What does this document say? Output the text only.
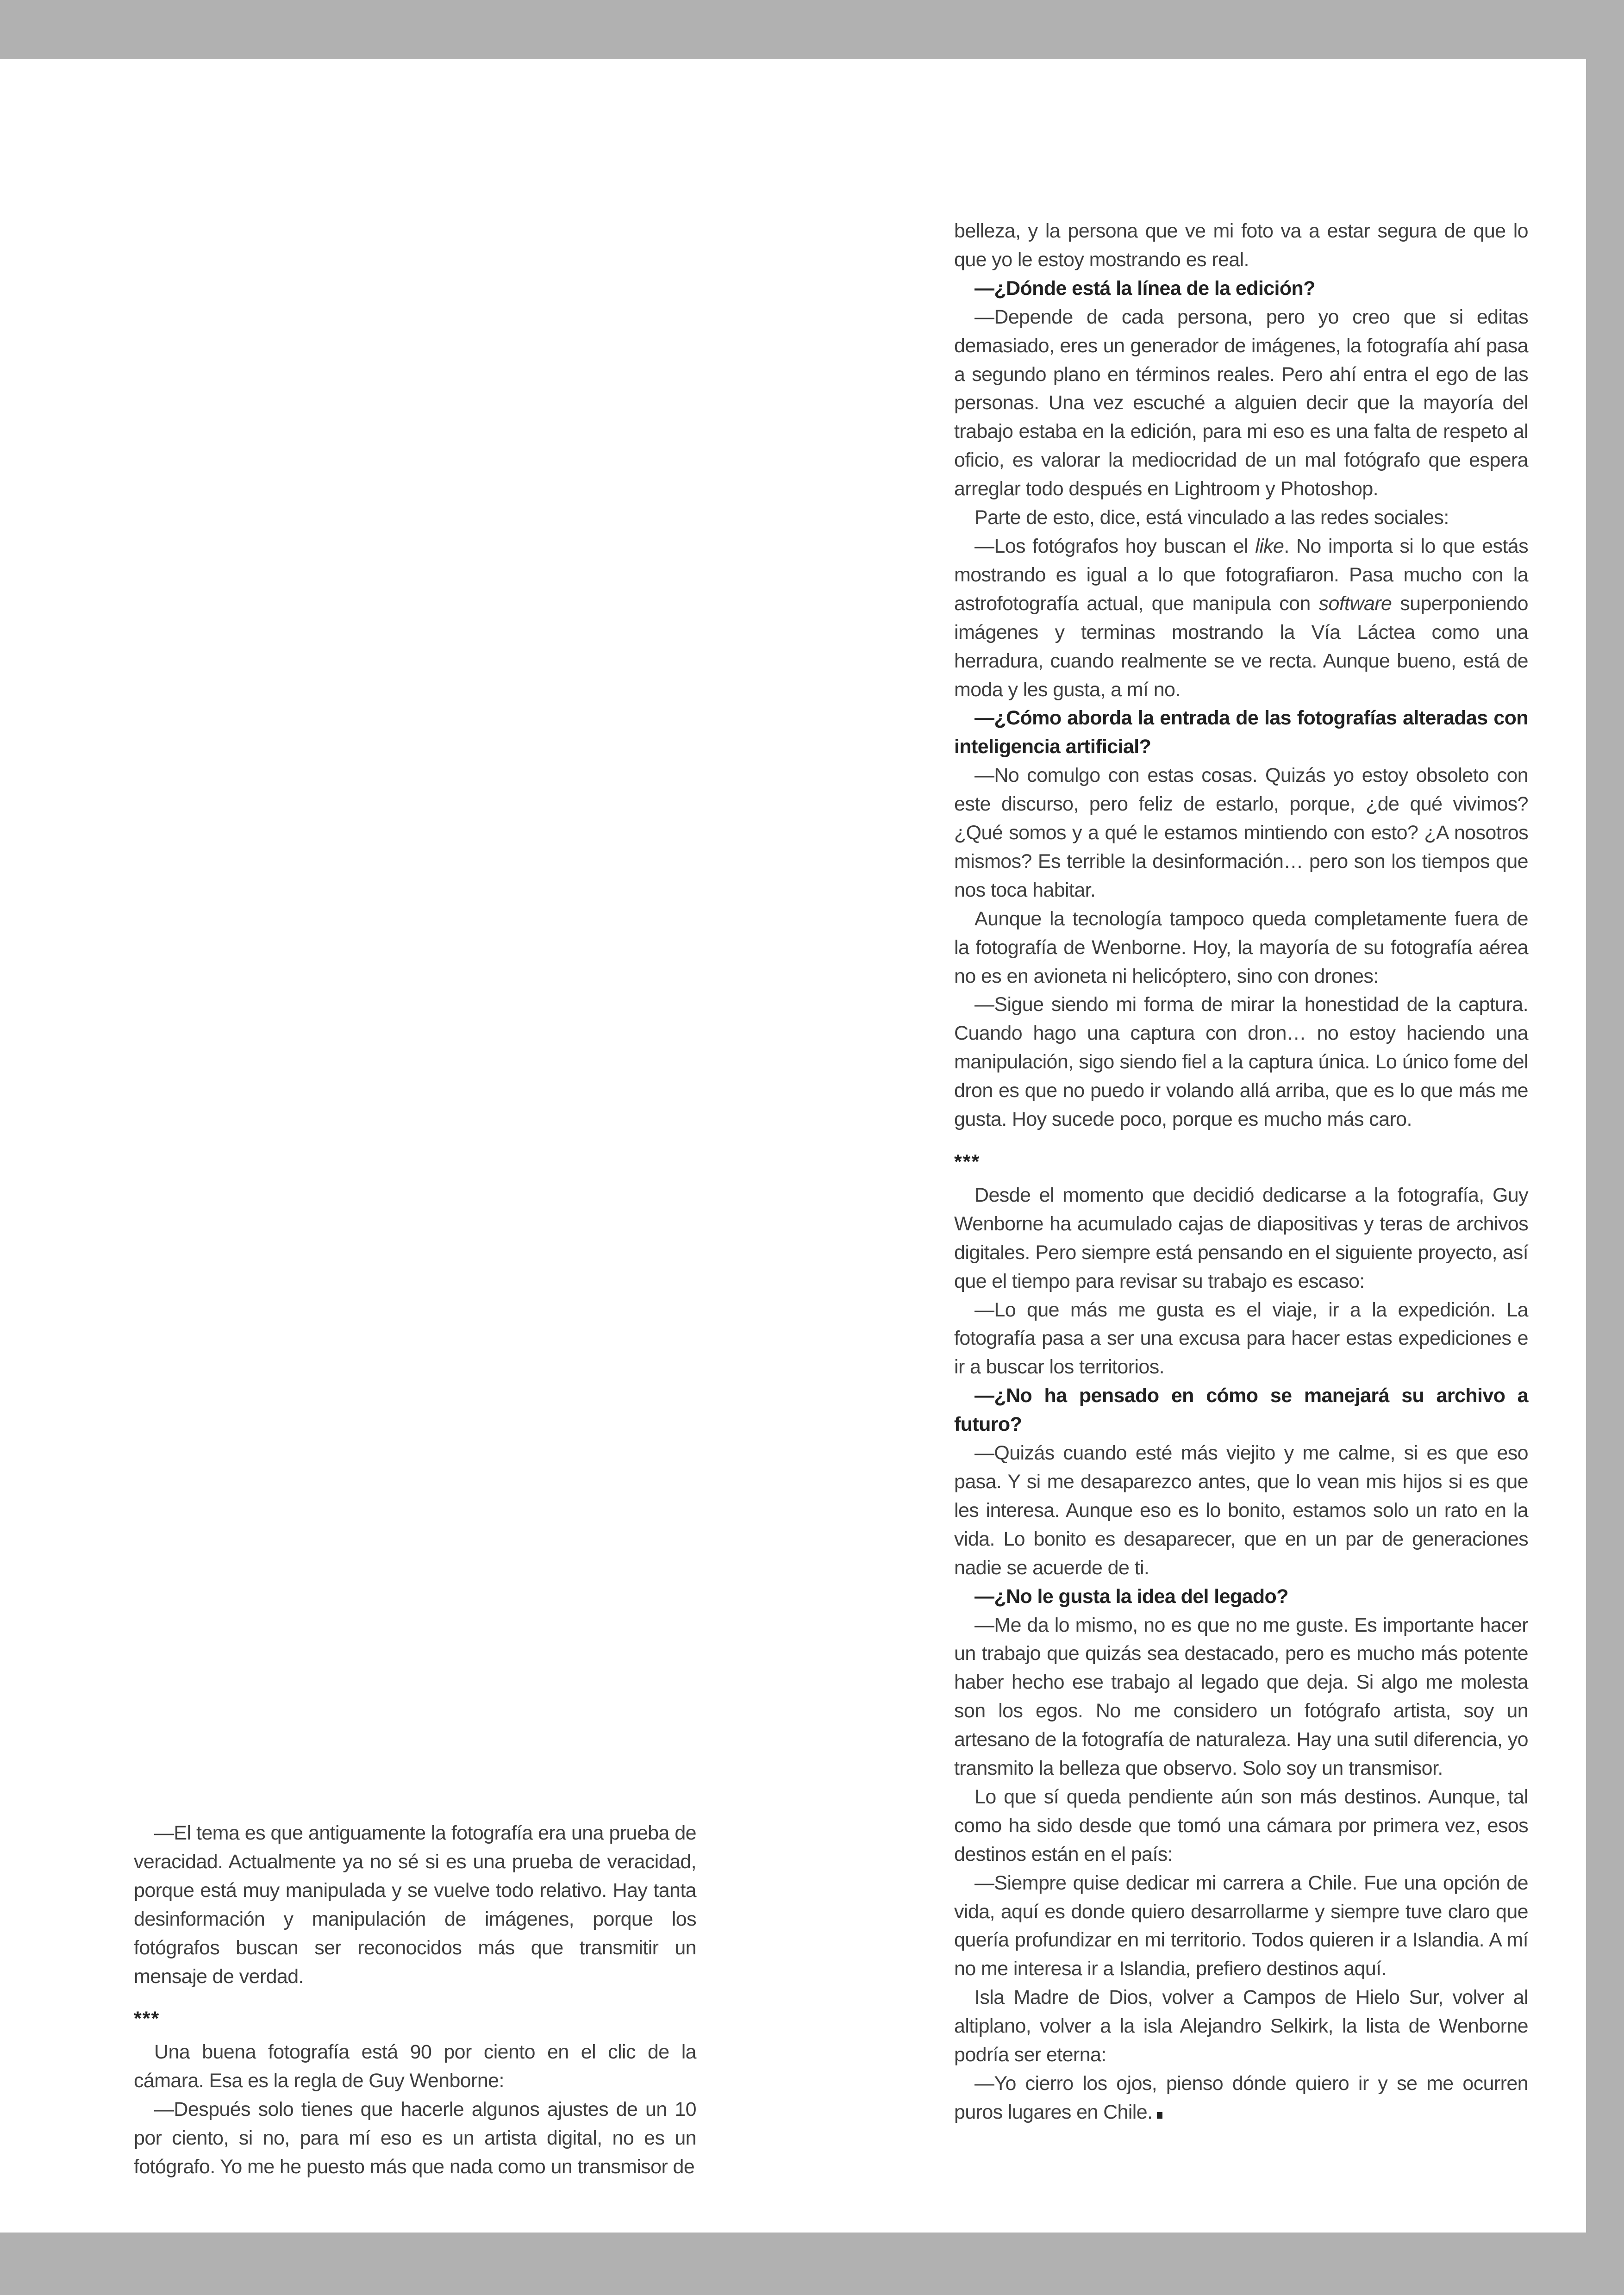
—El tema es que antiguamente la fotografía era una prueba de veracidad. Actualmente ya no sé si es una prueba de veracidad, porque está muy manipulada y se vuelve todo relativo. Hay tanta desinformación y manipulación de imágenes, porque los fotógrafos buscan ser reconocidos más que transmitir un mensaje de verdad.

***

Una buena fotografía está 90 por ciento en el clic de la cámara. Esa es la regla de Guy Wenborne:

—Después solo tienes que hacerle algunos ajustes de un 10 por ciento, si no, para mí eso es un artista digital, no es un fotógrafo. Yo me he puesto más que nada como un transmisor de

belleza, y la persona que ve mi foto va a estar segura de que lo que yo le estoy mostrando es real.

—¿Dónde está la línea de la edición?

—Depende de cada persona, pero yo creo que si editas demasiado, eres un generador de imágenes, la fotografía ahí pasa a segundo plano en términos reales. Pero ahí entra el ego de las personas. Una vez escuché a alguien decir que la mayoría del trabajo estaba en la edición, para mi eso es una falta de respeto al oficio, es valorar la mediocridad de un mal fotógrafo que espera arreglar todo después en Lightroom y Photoshop.

Parte de esto, dice, está vinculado a las redes sociales:

—Los fotógrafos hoy buscan el like. No importa si lo que estás mostrando es igual a lo que fotografiaron. Pasa mucho con la astrofotografía actual, que manipula con software superponiendo imágenes y terminas mostrando la Vía Láctea como una herradura, cuando realmente se ve recta. Aunque bueno, está de moda y les gusta, a mí no.

—¿Cómo aborda la entrada de las fotografías alteradas con inteligencia artificial?

—No comulgo con estas cosas. Quizás yo estoy obsoleto con este discurso, pero feliz de estarlo, porque, ¿de qué vivimos? ¿Qué somos y a qué le estamos mintiendo con esto? ¿A nosotros mismos? Es terrible la desinformación… pero son los tiempos que nos toca habitar.

Aunque la tecnología tampoco queda completamente fuera de la fotografía de Wenborne. Hoy, la mayoría de su fotografía aérea no es en avioneta ni helicóptero, sino con drones:

—Sigue siendo mi forma de mirar la honestidad de la captura. Cuando hago una captura con dron… no estoy haciendo una manipulación, sigo siendo fiel a la captura única. Lo único fome del dron es que no puedo ir volando allá arriba, que es lo que más me gusta. Hoy sucede poco, porque es mucho más caro.

***

Desde el momento que decidió dedicarse a la fotografía, Guy Wenborne ha acumulado cajas de diapositivas y teras de archivos digitales. Pero siempre está pensando en el siguiente proyecto, así que el tiempo para revisar su trabajo es escaso:

—Lo que más me gusta es el viaje, ir a la expedición. La fotografía pasa a ser una excusa para hacer estas expediciones e ir a buscar los territorios.

—¿No ha pensado en cómo se manejará su archivo a futuro?

—Quizás cuando esté más viejito y me calme, si es que eso pasa. Y si me desaparezco antes, que lo vean mis hijos si es que les interesa. Aunque eso es lo bonito, estamos solo un rato en la vida. Lo bonito es desaparecer, que en un par de generaciones nadie se acuerde de ti.

—¿No le gusta la idea del legado?

—Me da lo mismo, no es que no me guste. Es importante hacer un trabajo que quizás sea destacado, pero es mucho más potente haber hecho ese trabajo al legado que deja. Si algo me molesta son los egos. No me considero un fotógrafo artista, soy un artesano de la fotografía de naturaleza. Hay una sutil diferencia, yo transmito la belleza que observo. Solo soy un transmisor.

Lo que sí queda pendiente aún son más destinos. Aunque, tal como ha sido desde que tomó una cámara por primera vez, esos destinos están en el país:

—Siempre quise dedicar mi carrera a Chile. Fue una opción de vida, aquí es donde quiero desarrollarme y siempre tuve claro que quería profundizar en mi territorio. Todos quieren ir a Islandia. A mí no me interesa ir a Islandia, prefiero destinos aquí.

Isla Madre de Dios, volver a Campos de Hielo Sur, volver al altiplano, volver a la isla Alejandro Selkirk, la lista de Wenborne podría ser eterna:

—Yo cierro los ojos, pienso dónde quiero ir y se me ocurren puros lugares en Chile.
